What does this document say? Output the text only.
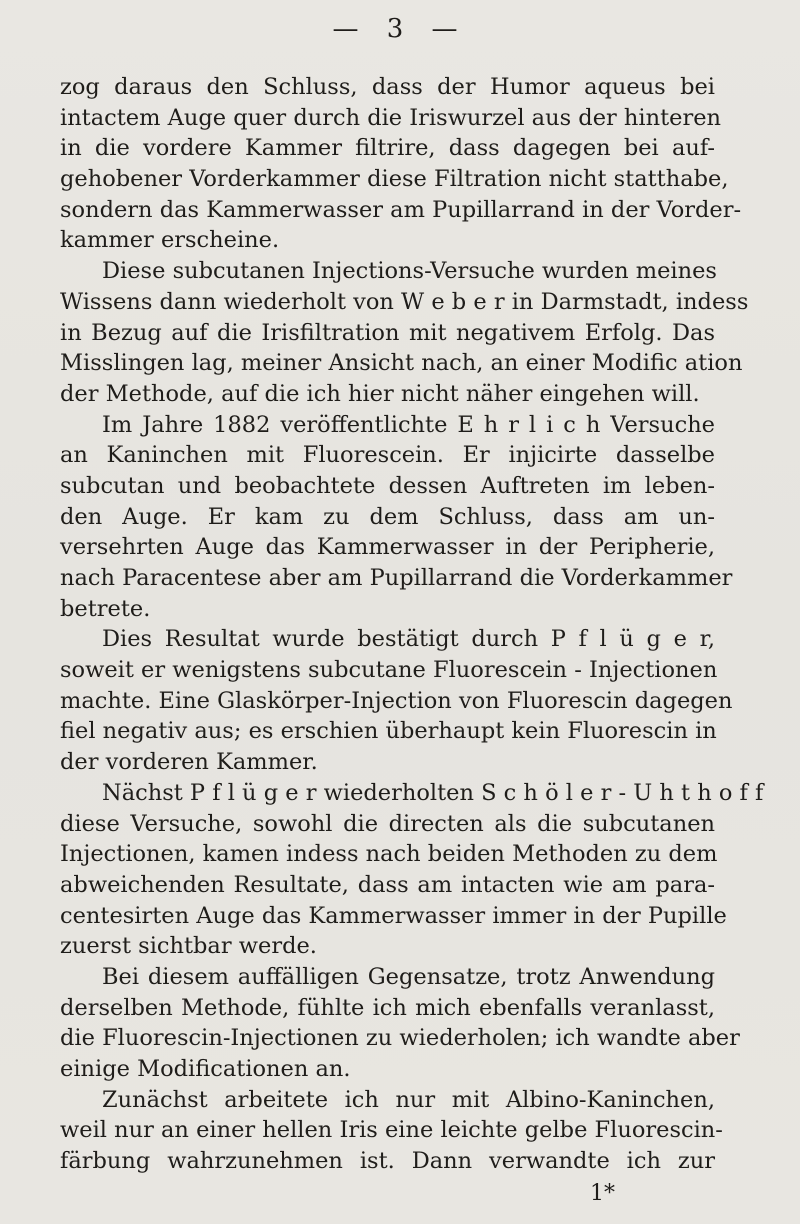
— 3 —
zog daraus den Schluss, dass der Humor aqueus bei
intactem Auge quer durch die Iriswurzel aus der hinteren
in die vordere Kammer filtrire, dass dagegen bei auf-
gehobener Vorderkammer diese Filtration nicht statthabe,
sondern das Kammerwasser am Pupillarrand in der Vorder-
kammer erscheine.
Diese subcutanen Injections-Versuche wurden meines
Wissens dann wiederholt von W e b e r in Darmstadt, indess
in Bezug auf die Irisfiltration mit negativem Erfolg. Das
Misslingen lag, meiner Ansicht nach, an einer Modific ation
der Methode, auf die ich hier nicht näher eingehen will.
Im Jahre 1882 veröffentlichte E h r l i c h Versuche
an Kaninchen mit Fluorescein. Er injicirte dasselbe
subcutan und beobachtete dessen Auftreten im leben-
den Auge. Er kam zu dem Schluss, dass am un-
versehrten Auge das Kammerwasser in der Peripherie,
nach Paracentese aber am Pupillarrand die Vorderkammer
betrete.
Dies Resultat wurde bestätigt durch P f l ü g e r,
soweit er wenigstens subcutane Fluorescein - Injectionen
machte. Eine Glaskörper-Injection von Fluorescin dagegen
fiel negativ aus; es erschien überhaupt kein Fluorescin in
der vorderen Kammer.
Nächst P f l ü g e r wiederholten S c h ö l e r - U h t h o f f
diese Versuche, sowohl die directen als die subcutanen
Injectionen, kamen indess nach beiden Methoden zu dem
abweichenden Resultate, dass am intacten wie am para-
centesirten Auge das Kammerwasser immer in der Pupille
zuerst sichtbar werde.
Bei diesem auffälligen Gegensatze, trotz Anwendung
derselben Methode, fühlte ich mich ebenfalls veranlasst,
die Fluorescin-Injectionen zu wiederholen; ich wandte aber
einige Modificationen an.
Zunächst arbeitete ich nur mit Albino-Kaninchen,
weil nur an einer hellen Iris eine leichte gelbe Fluorescin-
färbung wahrzunehmen ist. Dann verwandte ich zur
1*
